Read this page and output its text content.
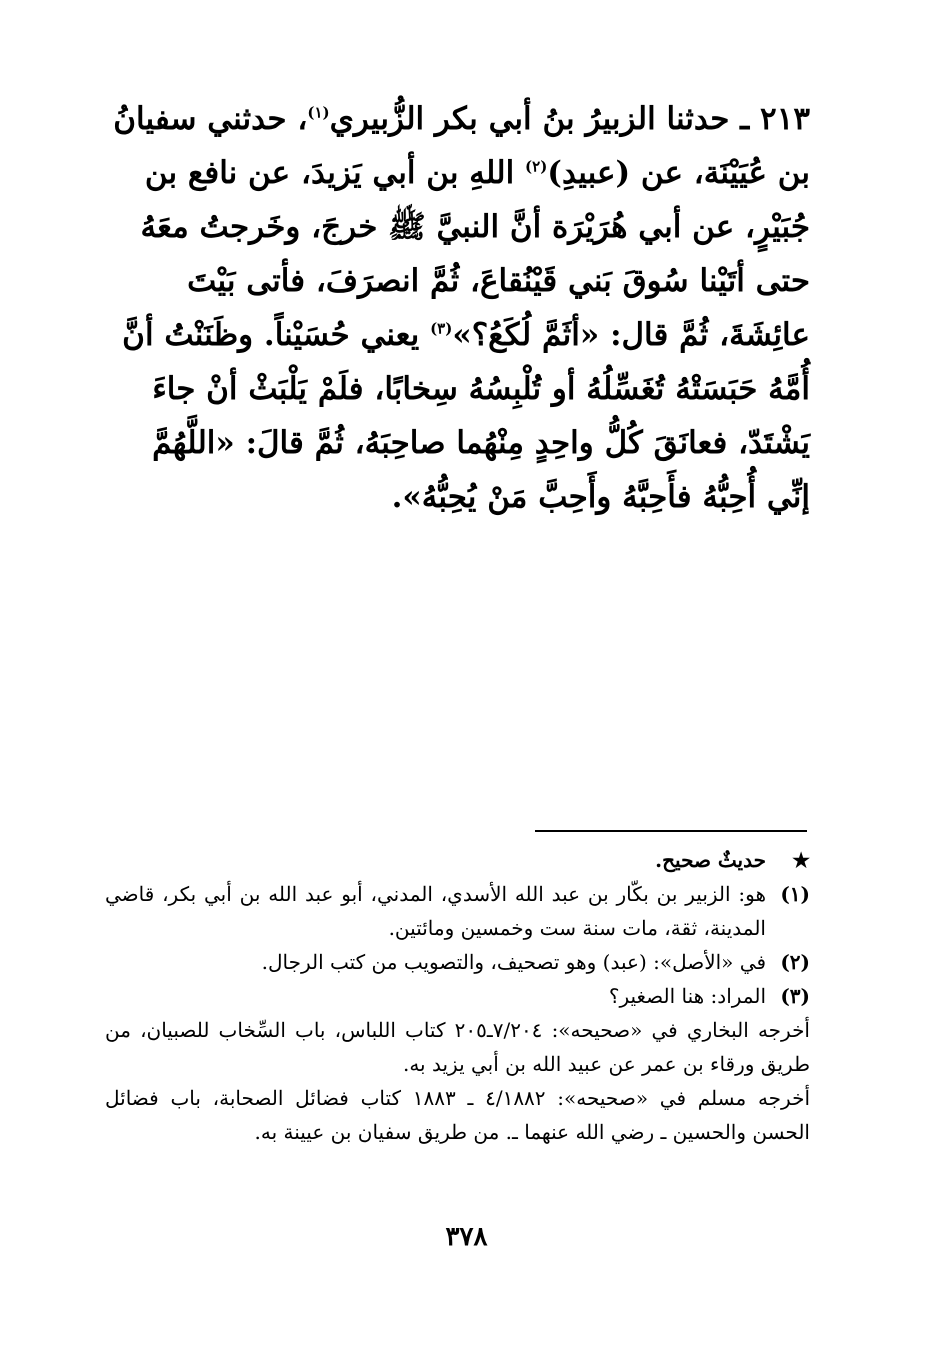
٢١٣ ـ حدثنا الزبيرُ بنُ أبي بكر الزُّبيري$^{(١)}$، حدثني سفيانُ بن عُيَيْنَة، عن (عبيدِ)$^{(٢)}$ اللهِ بن أبي يَزيدَ، عن نافع بن جُبَيْرٍ، عن أبي هُرَيْرَة أنَّ النبيَّ ﷺ خرجَ، وخَرجتُ معَهُ حتى أتَيْنا سُوقَ بَني قَيْنُقاعَ، ثُمَّ انصرَفَ، فأتى بَيْتَ عائِشَةَ، ثُمَّ قال: «أثَمَّ لُكَعُ؟»$^{(٣)}$ يعني حُسَيْناً. وظَنَنْتُ أنَّ أُمَّهُ حَبَسَتْهُ تُغَسِّلُهُ أو تُلْبِسُهُ سِخابًا، فلَمْ يَلْبَثْ أنْ جاءَ يَشْتَدّ، فعانَقَ كُلُّ واحِدٍ مِنْهُما صاحِبَهُ، ثُمَّ قالَ: «اللَّهُمَّ إنِّي أُحِبُّهُ فأَحِبَّهُ وأَحِبَّ مَنْ يُحِبُّهُ».

★
حديثٌ صحيح.
(١)
هو: الزبير بن بكّار بن عبد الله الأسدي، المدني، أبو عبد الله بن أبي بكر، قاضي المدينة، ثقة، مات سنة ست وخمسين ومائتين.
(٢)
في «الأصل»: (عبد) وهو تصحيف، والتصويب من كتب الرجال.
(٣)
المراد: هنا الصغير؟

أخرجه البخاري في «صحيحه»: ٧/٢٠٤ـ٢٠٥ كتاب اللباس، باب السِّخاب للصبيان، من طريق ورقاء بن عمر عن عبيد الله بن أبي يزيد به.

أخرجه مسلم في «صحيحه»: ٤/١٨٨٢ ـ ١٨٨٣ كتاب فضائل الصحابة، باب فضائل الحسن والحسين ـ رضي الله عنهما ـ. من طريق سفيان بن عيينة به.

٣٧٨
